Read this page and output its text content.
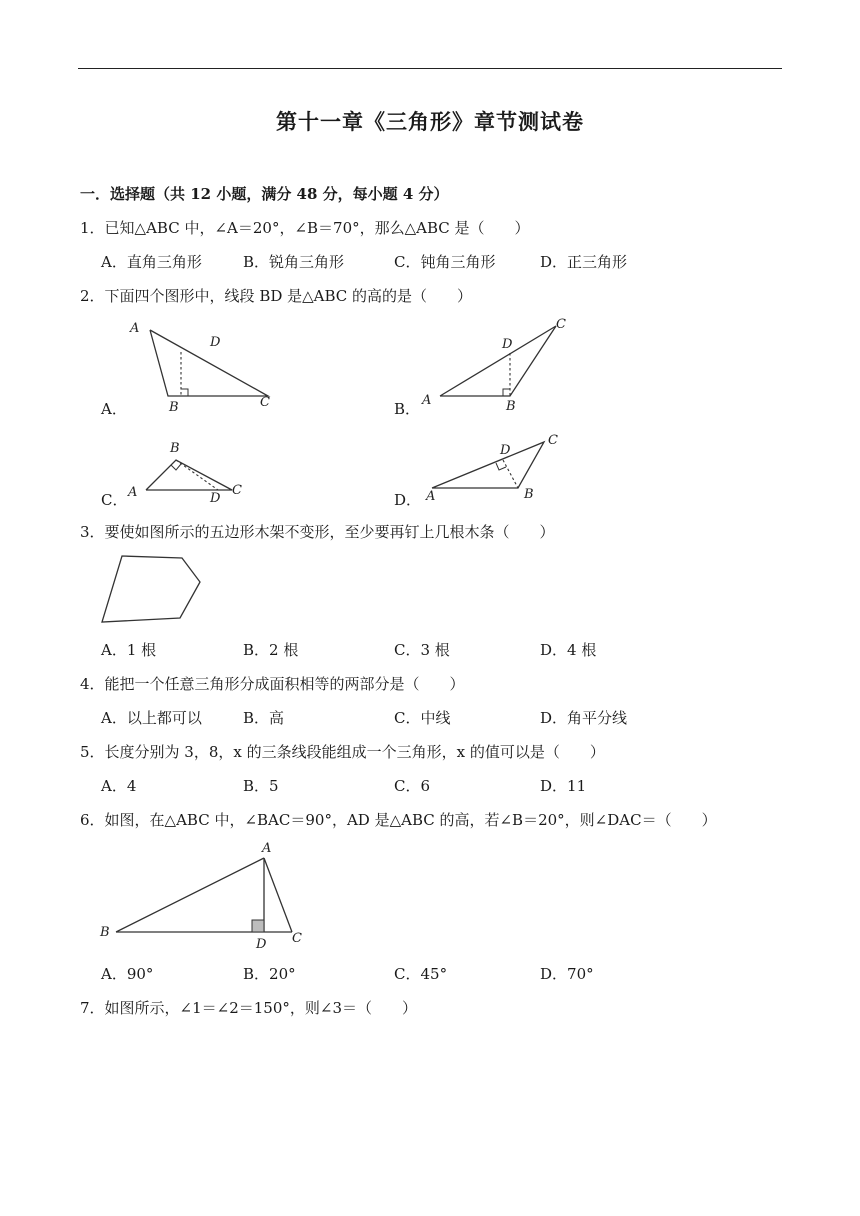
第十一章《三角形》章节测试卷
一．选择题（共 12 小题，满分 48 分，每小题 4 分）
1．已知△ABC 中，∠A＝20°，∠B＝70°，那么△ABC 是（　　）
A．直角三角形	B．锐角三角形	C．钝角三角形	D．正三角形
2．下面四个图形中，线段 BD 是△ABC 的高的是（　　）
A．
A
D
B	C	B．
C
D
A	B
C．
B
A	D
C
D．
D
C
A	B
3．要使如图所示的五边形木架不变形，至少要再钉上几根木条（　　）
A．1 根	B．2 根	C．3 根	D．4 根
4．能把一个任意三角形分成面积相等的两部分是（　　）
A．以上都可以	B．高	C．中线	D．角平分线
5．长度分别为 3，8，x 的三条线段能组成一个三角形，x 的值可以是（　　）
A．4	B．5	C．6	D．11
6．如图，在△ABC 中，∠BAC＝90°，AD 是△ABC 的高，若∠B＝20°，则∠DAC＝（　　）
A
B
D C
A．90°	B．20°	C．45°	D．70°
7．如图所示，∠1＝∠2＝150°，则∠3＝（　　）
